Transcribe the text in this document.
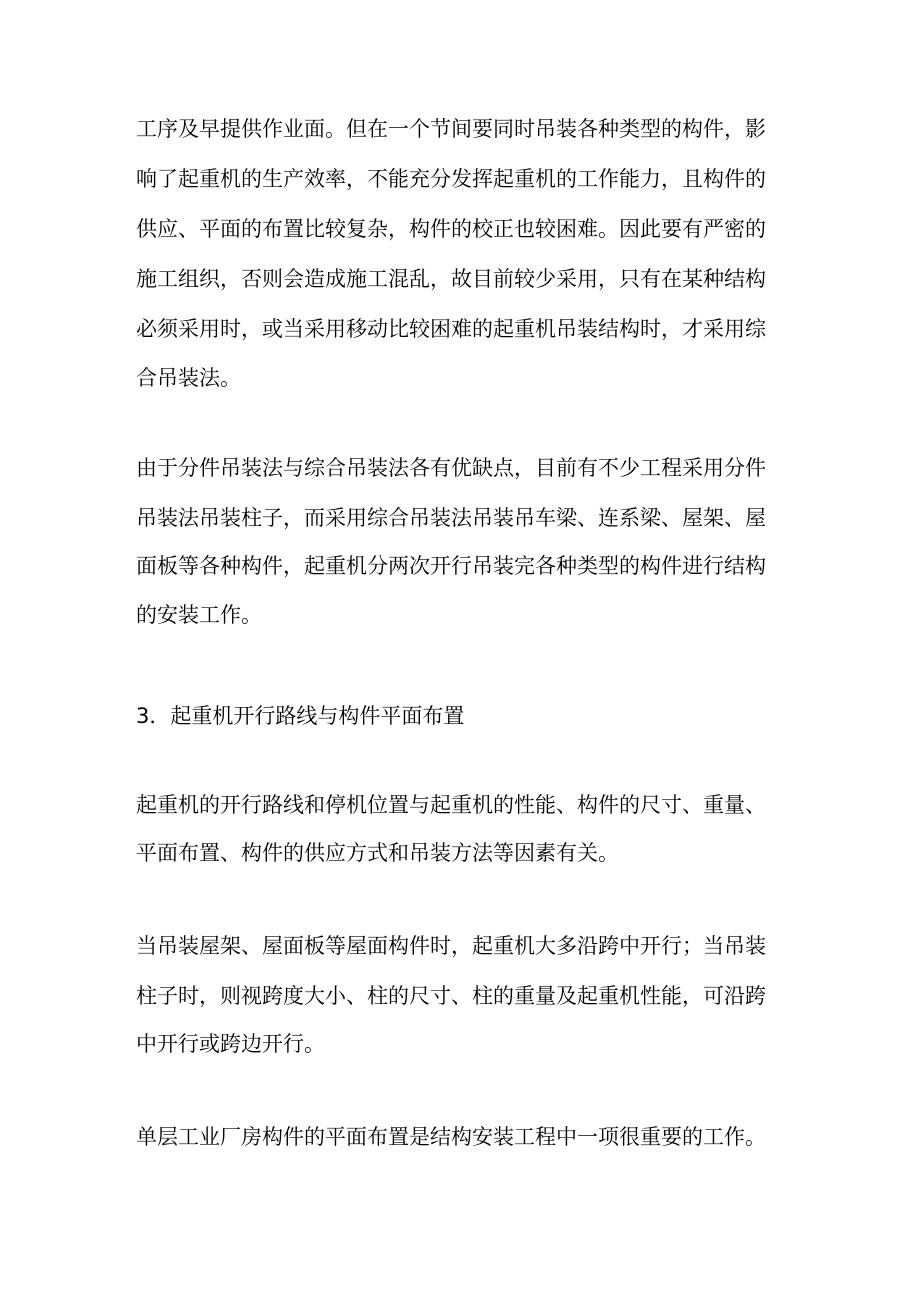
工序及早提供作业面。但在一个节间要同时吊装各种类型的构件，影
响了起重机的生产效率，不能充分发挥起重机的工作能力，且构件的
供应、平面的布置比较复杂，构件的校正也较困难。因此要有严密的
施工组织，否则会造成施工混乱，故目前较少采用，只有在某种结构
必须采用时，或当采用移动比较困难的起重机吊装结构时，才采用综
合吊装法。
由于分件吊装法与综合吊装法各有优缺点，目前有不少工程采用分件
吊装法吊装柱子，而采用综合吊装法吊装吊车梁、连系梁、屋架、屋
面板等各种构件，起重机分两次开行吊装完各种类型的构件进行结构
的安装工作。
3．起重机开行路线与构件平面布置
起重机的开行路线和停机位置与起重机的性能、构件的尺寸、重量、
平面布置、构件的供应方式和吊装方法等因素有关。
当吊装屋架、屋面板等屋面构件时，起重机大多沿跨中开行；当吊装
柱子时，则视跨度大小、柱的尺寸、柱的重量及起重机性能，可沿跨
中开行或跨边开行。
单层工业厂房构件的平面布置是结构安装工程中一项很重要的工作。
